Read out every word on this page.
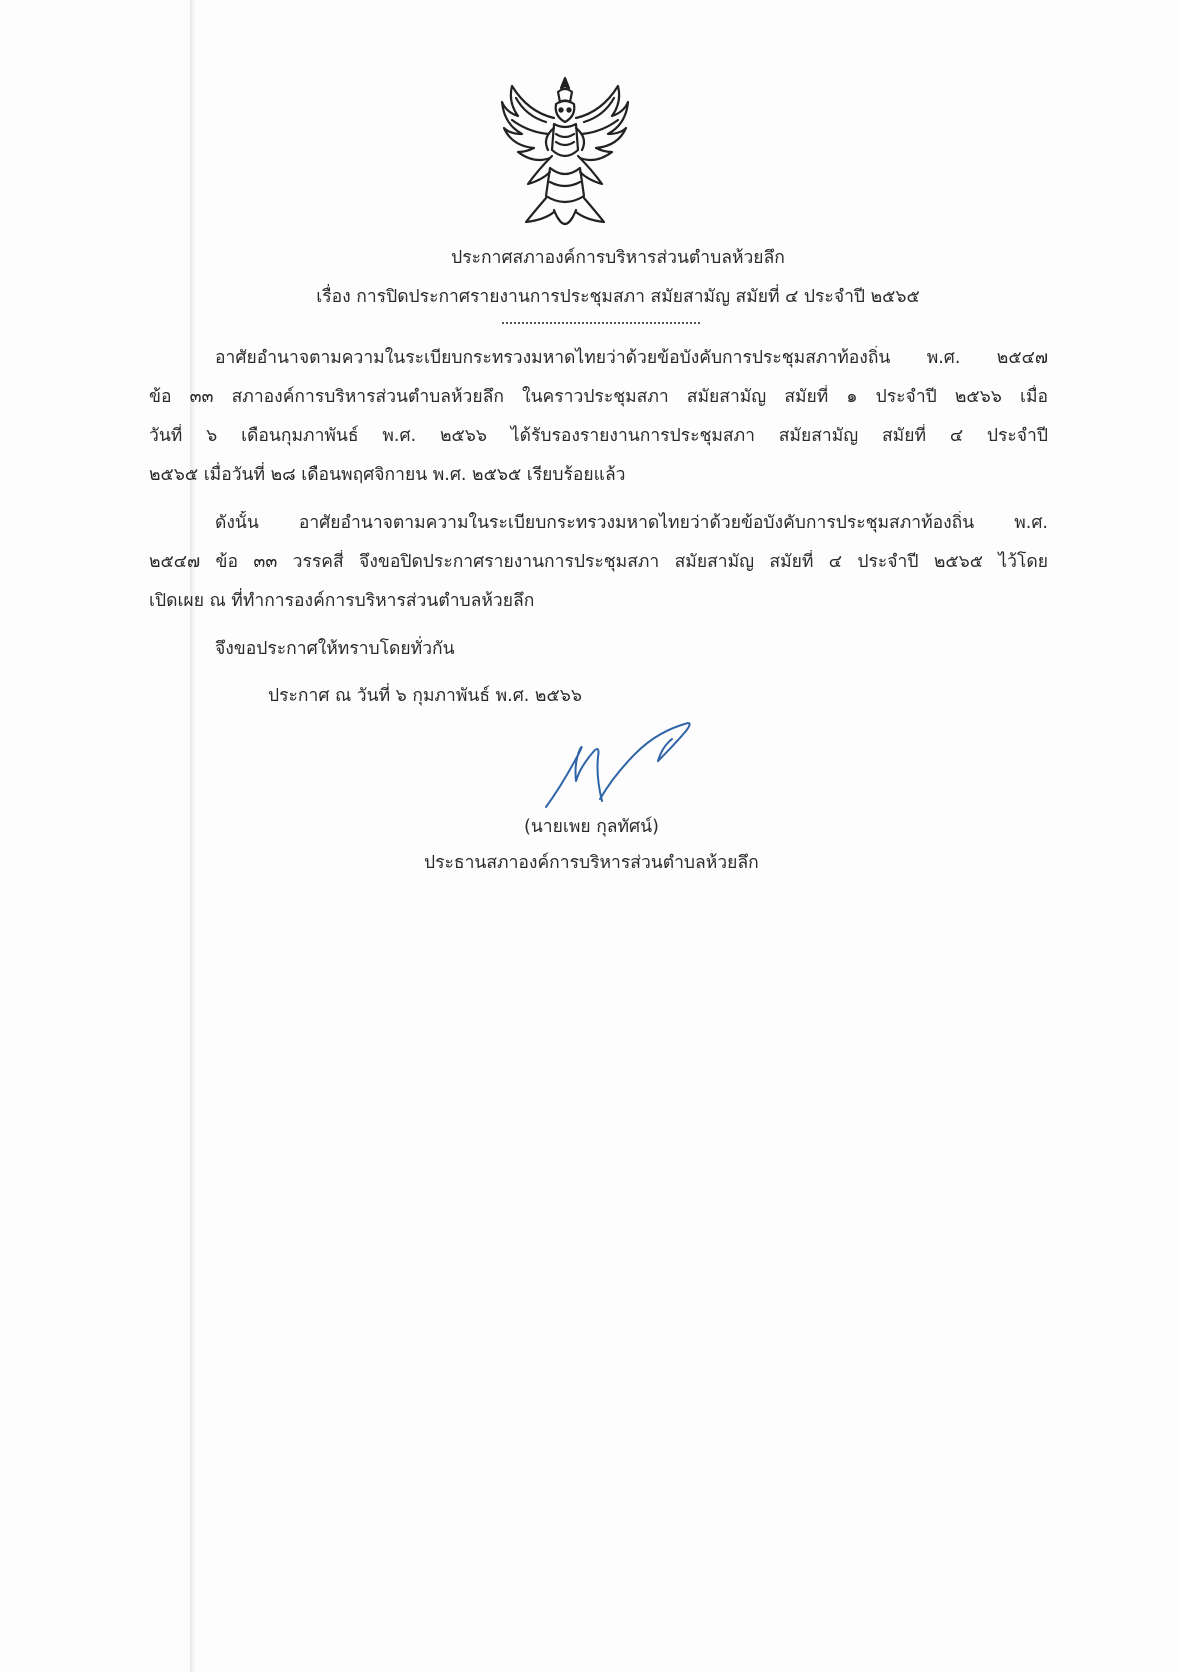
ประกาศสภาองค์การบริหารส่วนตำบลห้วยลึก
เรื่อง การปิดประกาศรายงานการประชุมสภา สมัยสามัญ สมัยที่ ๔ ประจำปี ๒๕๖๕
อาศัยอำนาจตามความในระเบียบกระทรวงมหาดไทยว่าด้วยข้อบังคับการประชุมสภาท้องถิ่น พ.ศ. ๒๕๔๗
ข้อ ๓๓ สภาองค์การบริหารส่วนตำบลห้วยลึก ในคราวประชุมสภา สมัยสามัญ สมัยที่ ๑ ประจำปี ๒๕๖๖ เมื่อ
วันที่ ๖ เดือนกุมภาพันธ์ พ.ศ. ๒๕๖๖ ได้รับรองรายงานการประชุมสภา สมัยสามัญ สมัยที่ ๔ ประจำปี
๒๕๖๕ เมื่อวันที่ ๒๘ เดือนพฤศจิกายน พ.ศ. ๒๕๖๕ เรียบร้อยแล้ว
ดังนั้น อาศัยอำนาจตามความในระเบียบกระทรวงมหาดไทยว่าด้วยข้อบังคับการประชุมสภาท้องถิ่น พ.ศ.
๒๕๔๗ ข้อ ๓๓ วรรคสี่ จึงขอปิดประกาศรายงานการประชุมสภา สมัยสามัญ สมัยที่ ๔ ประจำปี ๒๕๖๕ ไว้โดย
เปิดเผย ณ ที่ทำการองค์การบริหารส่วนตำบลห้วยลึก
จึงขอประกาศให้ทราบโดยทั่วกัน
ประกาศ ณ วันที่ ๖ กุมภาพันธ์ พ.ศ. ๒๕๖๖
(นายเพย กุลทัศน์)
ประธานสภาองค์การบริหารส่วนตำบลห้วยลึก
